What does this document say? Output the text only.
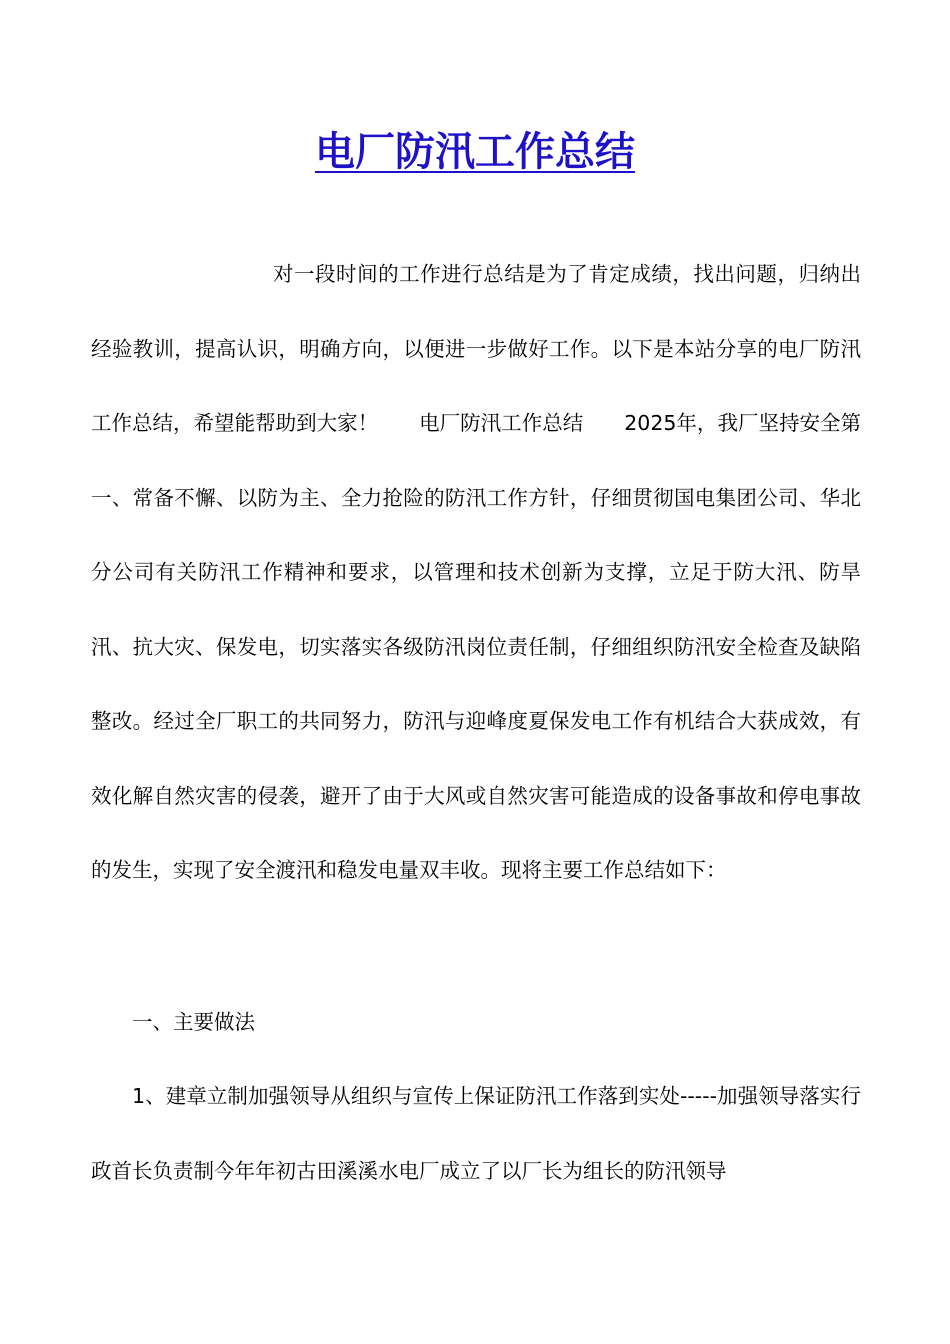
电厂防汛工作总结

对一段时间的工作进行总结是为了肯定成绩，找出问题，归纳出经验教训，提高认识，明确方向，以便进一步做好工作。以下是本站分享的电厂防汛工作总结，希望能帮助到大家！　　电厂防汛工作总结　　2025年，我厂坚持安全第一、常备不懈、以防为主、全力抢险的防汛工作方针，仔细贯彻国电集团公司、华北分公司有关防汛工作精神和要求，以管理和技术创新为支撑，立足于防大汛、防旱汛、抗大灾、保发电，切实落实各级防汛岗位责任制，仔细组织防汛安全检查及缺陷整改。经过全厂职工的共同努力，防汛与迎峰度夏保发电工作有机结合大获成效，有效化解自然灾害的侵袭，避开了由于大风或自然灾害可能造成的设备事故和停电事故的发生，实现了安全渡汛和稳发电量双丰收。现将主要工作总结如下：

一、主要做法

1、建章立制加强领导从组织与宣传上保证防汛工作落到实处-----加强领导落实行政首长负责制今年年初古田溪溪水电厂成立了以厂长为组长的防汛领导
